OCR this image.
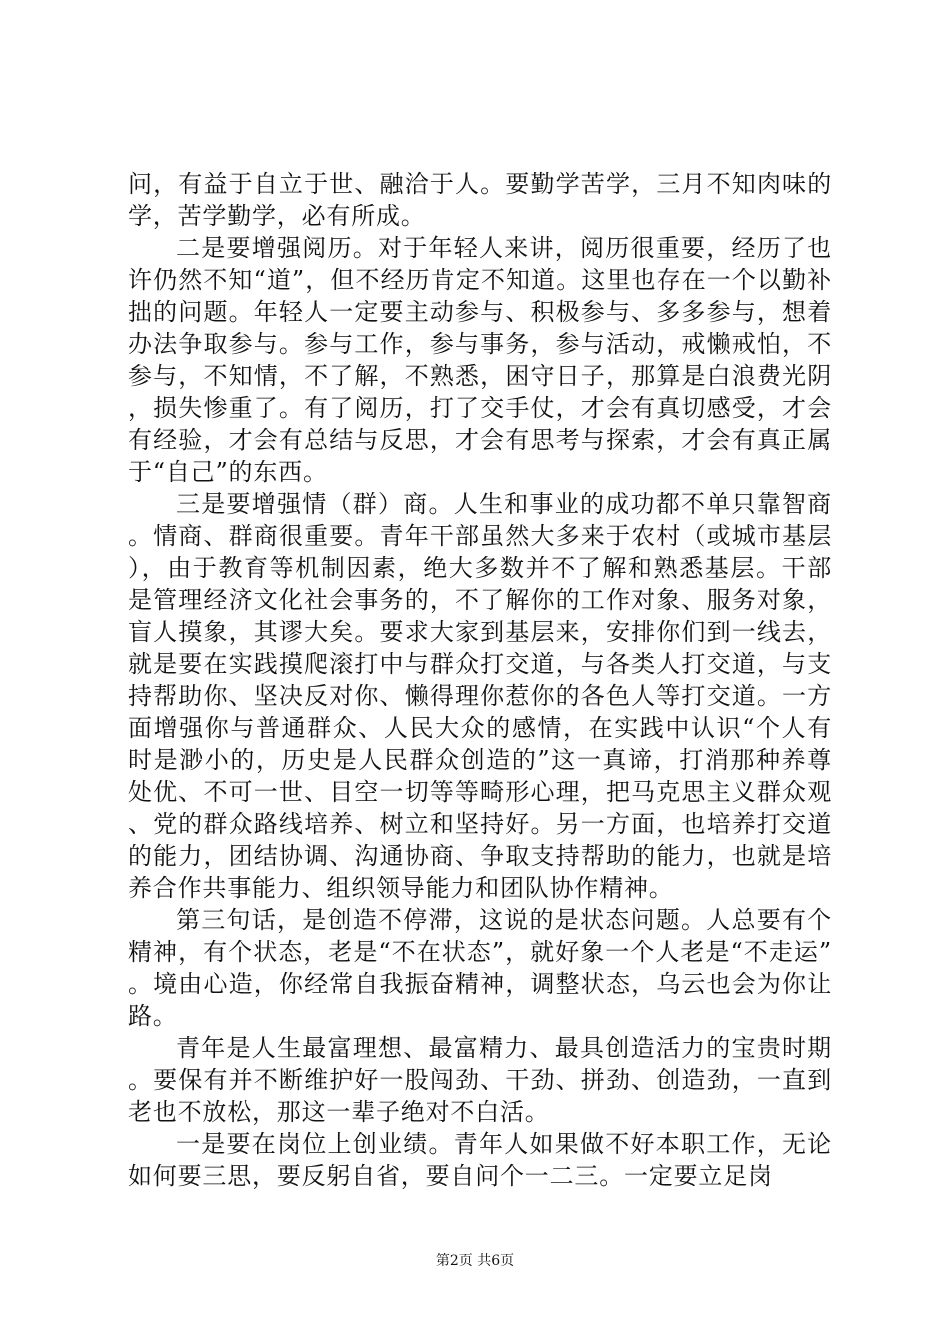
问，有益于自立于世、融洽于人。要勤学苦学，三月不知肉味的学，苦学勤学，必有所成。

二是要增强阅历。对于年轻人来讲，阅历很重要，经历了也许仍然不知“道”，但不经历肯定不知道。这里也存在一个以勤补拙的问题。年轻人一定要主动参与、积极参与、多多参与，想着办法争取参与。参与工作，参与事务，参与活动，戒懒戒怕，不参与，不知情，不了解，不熟悉，困守日子，那算是白浪费光阴，损失惨重了。有了阅历，打了交手仗，才会有真切感受，才会有经验，才会有总结与反思，才会有思考与探索，才会有真正属于“自己”的东西。

三是要增强情（群）商。人生和事业的成功都不单只靠智商。情商、群商很重要。青年干部虽然大多来于农村（或城市基层），由于教育等机制因素，绝大多数并不了解和熟悉基层。干部是管理经济文化社会事务的，不了解你的工作对象、服务对象，盲人摸象，其谬大矣。要求大家到基层来，安排你们到一线去，就是要在实践摸爬滚打中与群众打交道，与各类人打交道，与支持帮助你、坚决反对你、懒得理你惹你的各色人等打交道。一方面增强你与普通群众、人民大众的感情，在实践中认识“个人有时是渺小的，历史是人民群众创造的”这一真谛，打消那种养尊处优、不可一世、目空一切等等畸形心理，把马克思主义群众观、党的群众路线培养、树立和坚持好。另一方面，也培养打交道的能力，团结协调、沟通协商、争取支持帮助的能力，也就是培养合作共事能力、组织领导能力和团队协作精神。

第三句话，是创造不停滞，这说的是状态问题。人总要有个精神，有个状态，老是“不在状态”，就好象一个人老是“不走运”。境由心造，你经常自我振奋精神，调整状态，乌云也会为你让路。

青年是人生最富理想、最富精力、最具创造活力的宝贵时期。要保有并不断维护好一股闯劲、干劲、拼劲、创造劲，一直到老也不放松，那这一辈子绝对不白活。

一是要在岗位上创业绩。青年人如果做不好本职工作，无论如何要三思，要反躬自省，要自问个一二三。一定要立足岗

第2页 共6页
